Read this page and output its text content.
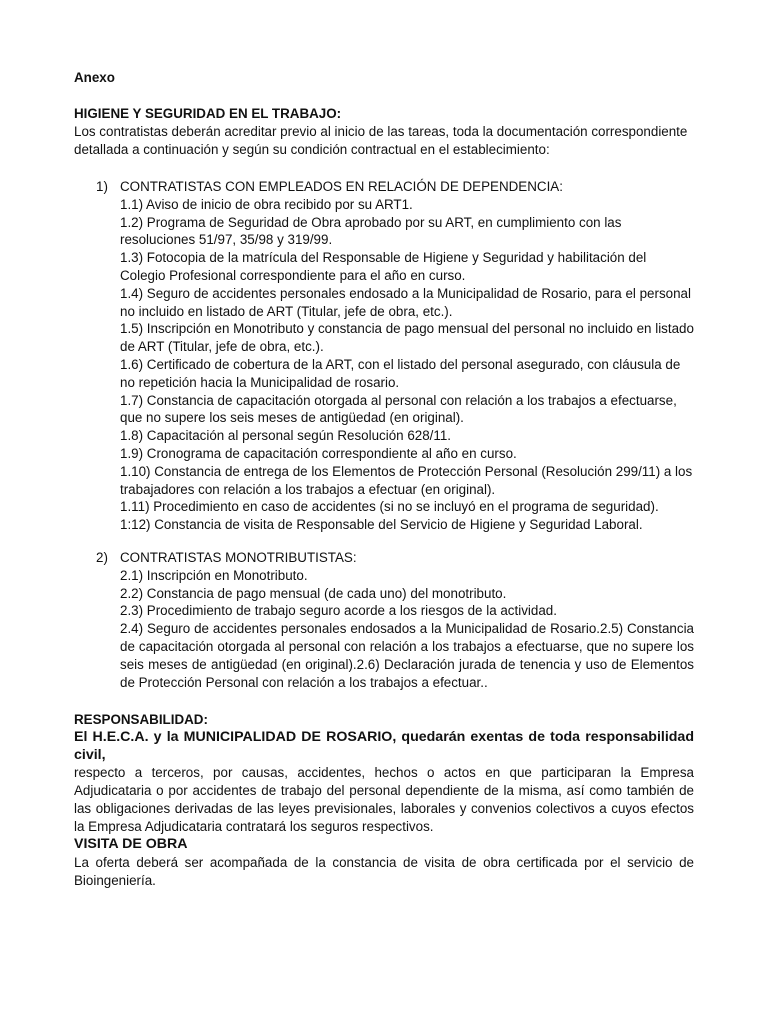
Anexo

HIGIENE Y SEGURIDAD EN EL TRABAJO:

Los contratistas deberán acreditar previo al inicio de las tareas, toda la documentación correspondiente detallada a continuación y según su condición contractual en el establecimiento:

1) CONTRATISTAS CON EMPLEADOS EN RELACIÓN DE DEPENDENCIA:

1.1) Aviso de inicio de obra recibido por su ART1.

1.2) Programa de Seguridad de Obra aprobado por su ART, en cumplimiento con las resoluciones 51/97, 35/98 y 319/99.

1.3) Fotocopia de la matrícula del Responsable de Higiene y Seguridad y habilitación del Colegio Profesional correspondiente para el año en curso.

1.4) Seguro de accidentes personales endosado a la Municipalidad de Rosario, para el personal no incluido en listado de ART (Titular, jefe de obra, etc.).

1.5) Inscripción en Monotributo y constancia de pago mensual del personal no incluido en listado de ART (Titular, jefe de obra, etc.).

1.6) Certificado de cobertura de la ART, con el listado del personal asegurado, con cláusula de no repetición hacia la Municipalidad de rosario.

1.7) Constancia de capacitación otorgada al personal con relación a los trabajos a efectuarse, que no supere los seis meses de antigüedad (en original).

1.8) Capacitación al personal según Resolución 628/11.

1.9) Cronograma de capacitación correspondiente al año en curso.

1.10) Constancia de entrega de los Elementos de Protección Personal (Resolución 299/11) a los trabajadores con relación a los trabajos a efectuar (en original).

1.11) Procedimiento en caso de accidentes (si no se incluyó en el programa de seguridad).

1:12) Constancia de visita de Responsable del Servicio de Higiene y Seguridad Laboral.

2) CONTRATISTAS MONOTRIBUTISTAS:

2.1) Inscripción en Monotributo.

2.2) Constancia de pago mensual (de cada uno) del monotributo.

2.3) Procedimiento de trabajo seguro acorde a los riesgos de la actividad.

2.4) Seguro de accidentes personales endosados a la Municipalidad de Rosario.2.5) Constancia de capacitación otorgada al personal con relación a los trabajos a efectuarse, que no supere los seis meses de antigüedad (en original).2.6) Declaración jurada de tenencia y uso de Elementos de Protección Personal con relación a los trabajos a efectuar..

RESPONSABILIDAD:

El H.E.C.A. y la MUNICIPALIDAD DE ROSARIO, quedarán exentas de toda responsabilidad civil,

respecto a terceros, por causas, accidentes, hechos o actos en que participaran la Empresa Adjudicataria o por accidentes de trabajo del personal dependiente de la misma, así como también de las obligaciones derivadas de las leyes previsionales, laborales y convenios colectivos a cuyos efectos la Empresa Adjudicataria contratará los seguros respectivos.

VISITA DE OBRA

La oferta deberá ser acompañada de la constancia de visita de obra certificada por el servicio de Bioingeniería.
